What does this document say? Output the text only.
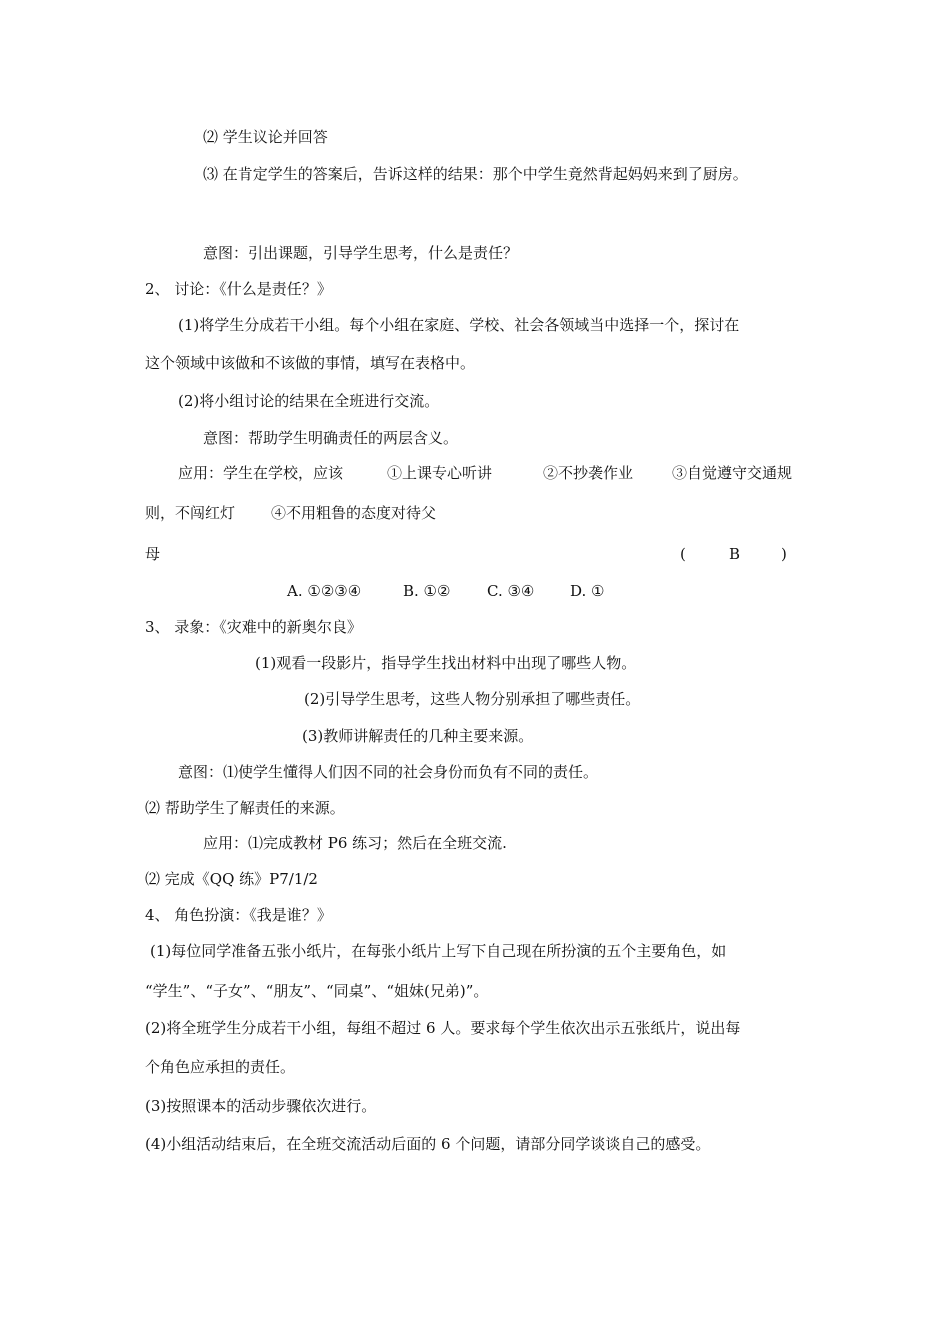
⑵ 学生议论并回答
⑶ 在肯定学生的答案后，告诉这样的结果：那个中学生竟然背起妈妈来到了厨房。
意图：引出课题，引导学生思考，什么是责任？
2、 讨论：《什么是责任？》
(1)将学生分成若干小组。每个小组在家庭、学校、社会各领域当中选择一个，探讨在
这个领域中该做和不该做的事情，填写在表格中。
(2)将小组讨论的结果在全班进行交流。
意图：帮助学生明确责任的两层含义。
应用：学生在学校，应该	①上课专心听讲	②不抄袭作业	③自觉遵守交通规
则，不闯红灯 ④不用粗鲁的态度对待父
母	(	B	)
A. ①②③④	B. ①② C. ③④ D. ①
3、 录象：《灾难中的新奥尔良》
(1)观看一段影片，指导学生找出材料中出现了哪些人物。
(2)引导学生思考，这些人物分别承担了哪些责任。
(3)教师讲解责任的几种主要来源。
意图：⑴使学生懂得人们因不同的社会身份而负有不同的责任。
⑵ 帮助学生了解责任的来源。
应用：⑴完成教材 P6 练习；然后在全班交流.
⑵ 完成《QQ 练》P7/1/2
4、 角色扮演：《我是谁？》
(1)每位同学准备五张小纸片，在每张小纸片上写下自己现在所扮演的五个主要角色，如
“学生”、“子女”、“朋友”、“同桌”、“姐妹(兄弟)”。
(2)将全班学生分成若干小组，每组不超过 6 人。要求每个学生依次出示五张纸片，说出每
个角色应承担的责任。
(3)按照课本的活动步骤依次进行。
(4)小组活动结束后，在全班交流活动后面的 6 个问题，请部分同学谈谈自己的感受。
